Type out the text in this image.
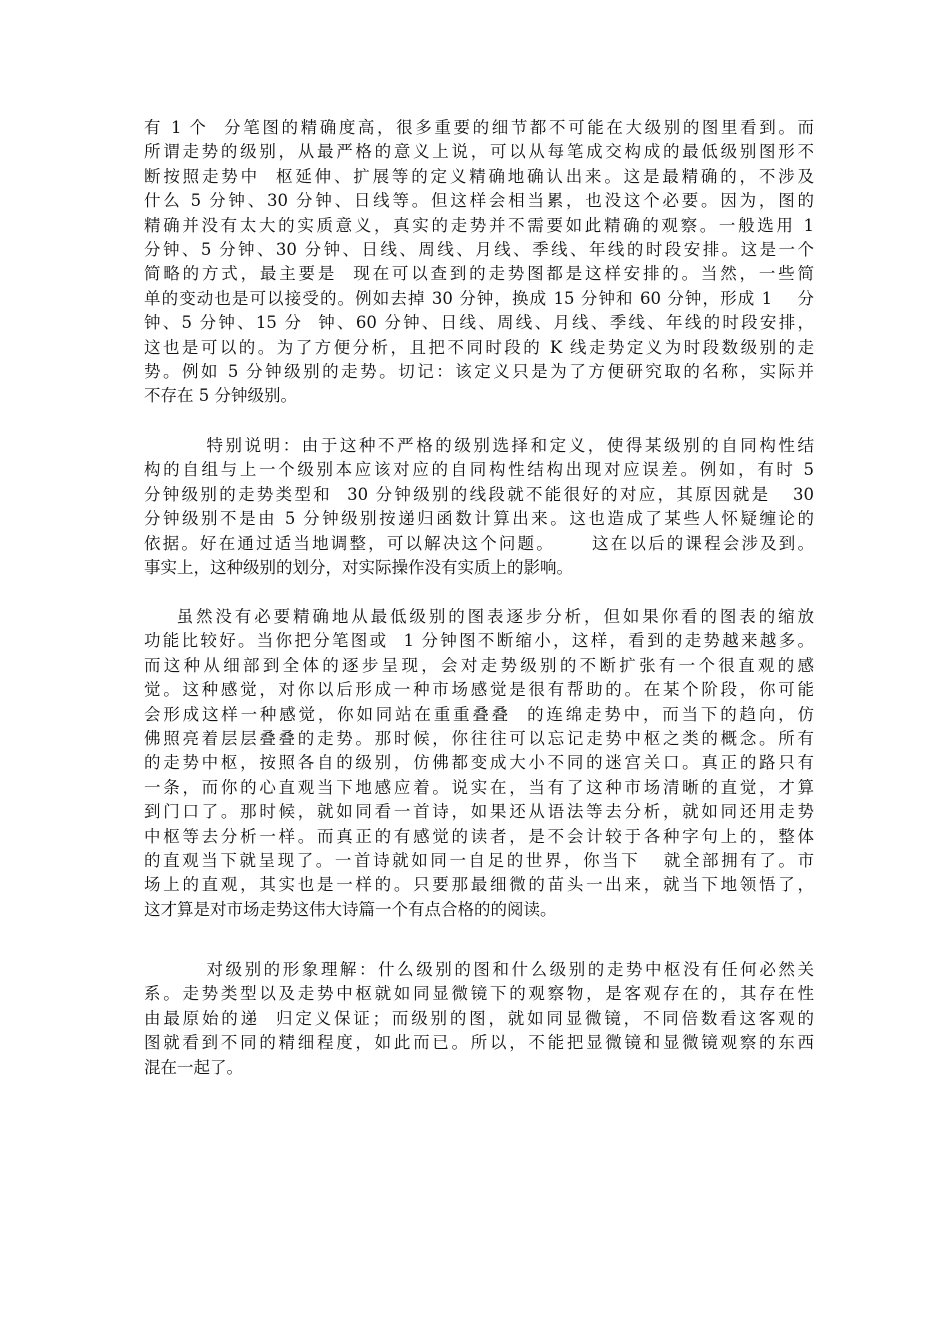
有 1 个  分笔图的精确度高，很多重要的细节都不可能在大级别的图里看到。而
所谓走势的级别，从最严格的意义上说，可以从每笔成交构成的最低级别图形不
断按照走势中  枢延伸、扩展等的定义精确地确认出来。这是最精确的，不涉及
什么 5 分钟、30 分钟、日线等。但这样会相当累，也没这个必要。因为，图的
精确并没有太大的实质意义，真实的走势并不需要如此精确的观察。一般选用 1
分钟、5 分钟、30 分钟、日线、周线、月线、季线、年线的时段安排。这是一个
简略的方式，最主要是  现在可以查到的走势图都是这样安排的。当然，一些简
单的变动也是可以接受的。例如去掉 30 分钟，换成 15 分钟和 60 分钟，形成 1    分
钟、5 分钟、15 分  钟、60 分钟、日线、周线、月线、季线、年线的时段安排，
这也是可以的。为了方便分析，且把不同时段的 K 线走势定义为时段数级别的走
势。例如 5 分钟级别的走势。切记：该定义只是为了方便研究取的名称，实际并
不存在 5 分钟级别。
特别说明：由于这种不严格的级别选择和定义，使得某级别的自同构性结
构的自组与上一个级别本应该对应的自同构性结构出现对应误差。例如，有时 5
分钟级别的走势类型和  30 分钟级别的线段就不能很好的对应，其原因就是   30
分钟级别不是由 5 分钟级别按递归函数计算出来。这也造成了某些人怀疑缠论的
依据。好在通过适当地调整，可以解决这个问题。     这在以后的课程会涉及到。
事实上，这种级别的划分，对实际操作没有实质上的影响。
虽然没有必要精确地从最低级别的图表逐步分析，但如果你看的图表的缩放
功能比较好。当你把分笔图或  1 分钟图不断缩小，这样，看到的走势越来越多。
而这种从细部到全体的逐步呈现，会对走势级别的不断扩张有一个很直观的感
觉。这种感觉，对你以后形成一种市场感觉是很有帮助的。在某个阶段，你可能
会形成这样一种感觉，你如同站在重重叠叠  的连绵走势中，而当下的趋向，仿
佛照亮着层层叠叠的走势。那时候，你往往可以忘记走势中枢之类的概念。所有
的走势中枢，按照各自的级别，仿佛都变成大小不同的迷宫关口。真正的路只有
一条，而你的心直观当下地感应着。说实在，当有了这种市场清晰的直觉，才算
到门口了。那时候，就如同看一首诗，如果还从语法等去分析，就如同还用走势
中枢等去分析一样。而真正的有感觉的读者，是不会计较于各种字句上的，整体
的直观当下就呈现了。一首诗就如同一自足的世界，你当下   就全部拥有了。市
场上的直观，其实也是一样的。只要那最细微的苗头一出来，就当下地领悟了，
这才算是对市场走势这伟大诗篇一个有点合格的的阅读。
对级别的形象理解：什么级别的图和什么级别的走势中枢没有任何必然关
系。走势类型以及走势中枢就如同显微镜下的观察物，是客观存在的，其存在性
由最原始的递  归定义保证；而级别的图，就如同显微镜，不同倍数看这客观的
图就看到不同的精细程度，如此而已。所以，不能把显微镜和显微镜观察的东西
混在一起了。
